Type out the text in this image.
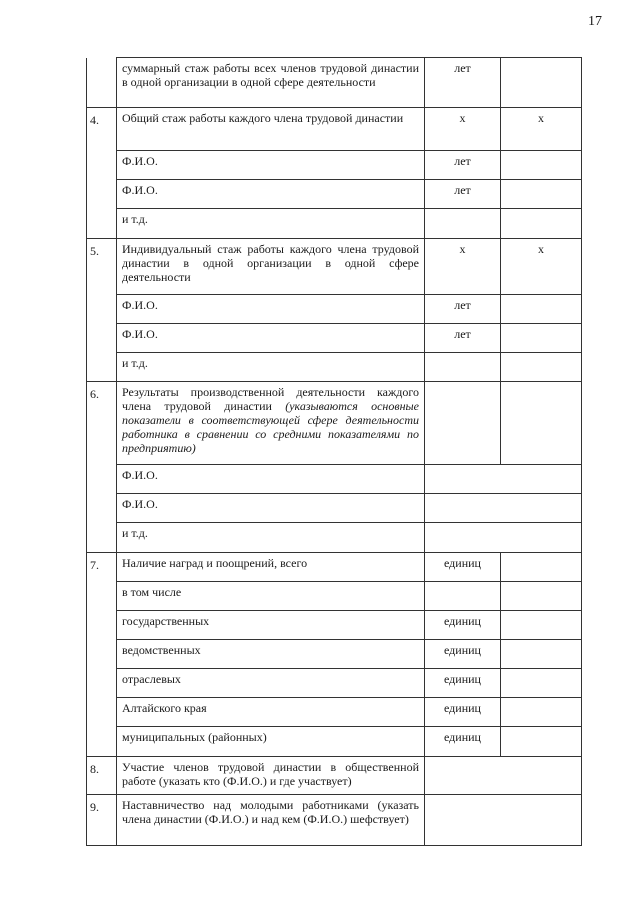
17
	суммарный стаж работы всех членов трудовой династии в одной организации в одной сфере деятельности	лет	
4.	Общий стаж работы каждого члена трудовой династии	х	х
	Ф.И.О.	лет	
	Ф.И.О.	лет	
	и т.д.		
5.	Индивидуальный стаж работы каждого члена трудовой династии в одной организации в одной сфере деятельности	х	х
	Ф.И.О.	лет	
	Ф.И.О.	лет	
	и т.д.		
6.	Результаты производственной деятельности каждого члена трудовой династии (указываются основные показатели в соответствующей сфере деятельности работника в сравнении со средними показателями по предприятию)		
	Ф.И.О.		
	Ф.И.О.		
	и т.д.		
7.	Наличие наград и поощрений, всего	единиц	
	в том числе		
	государственных	единиц	
	ведомственных	единиц	
	отраслевых	единиц	
	Алтайского края	единиц	
	муниципальных (районных)	единиц	
8.	Участие членов трудовой династии в общественной работе (указать кто (Ф.И.О.) и где участвует)		
9.	Наставничество над молодыми работниками (указать члена династии (Ф.И.О.) и над кем (Ф.И.О.) шефствует)		
